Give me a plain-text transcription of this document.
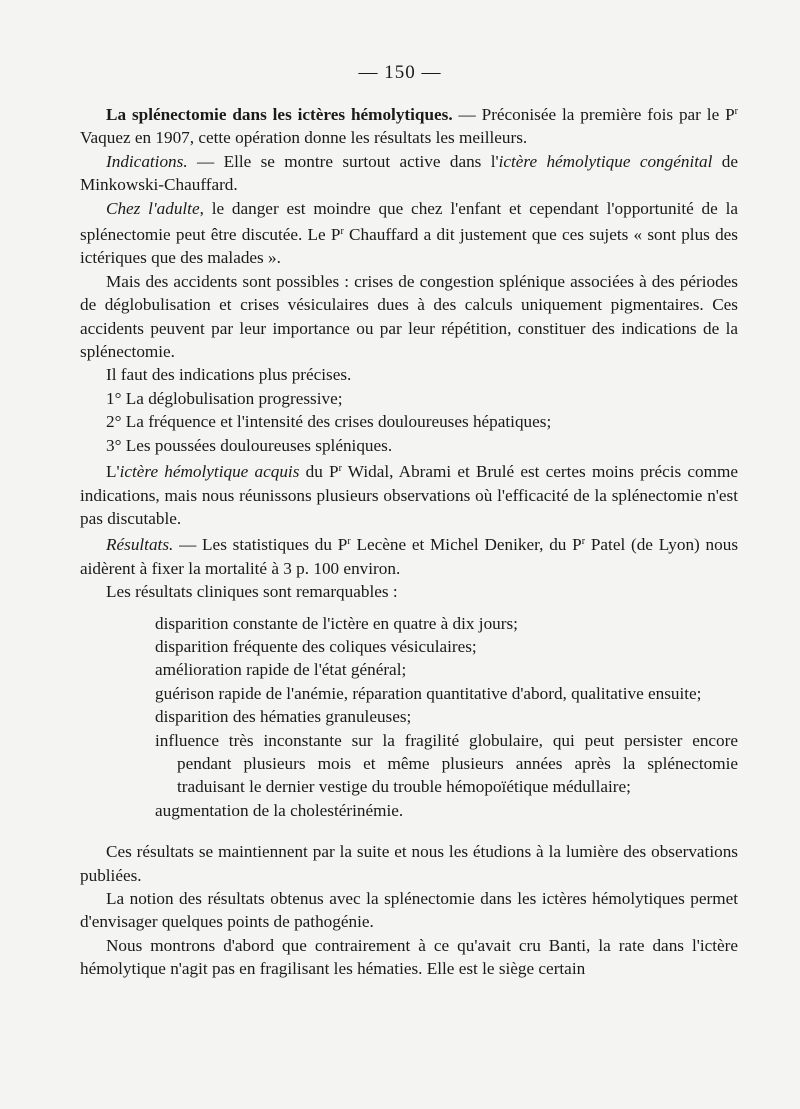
— 150 —

La splénectomie dans les ictères hémolytiques. — Préconisée la première fois par le $P^r$ Vaquez en 1907, cette opération donne les résultats les meilleurs.

Indications. — Elle se montre surtout active dans l'ictère hémolytique congénital de Minkowski-Chauffard.

Chez l'adulte, le danger est moindre que chez l'enfant et cependant l'opportunité de la splénectomie peut être discutée. Le $P^r$ Chauffard a dit justement que ces sujets « sont plus des ictériques que des malades ».

Mais des accidents sont possibles : crises de congestion splénique associées à des périodes de déglobulisation et crises vésiculaires dues à des calculs uniquement pigmentaires. Ces accidents peuvent par leur importance ou par leur répétition, constituer des indications de la splénectomie.

Il faut des indications plus précises.

1° La déglobulisation progressive;

2° La fréquence et l'intensité des crises douloureuses hépatiques;

3° Les poussées douloureuses spléniques.

L'ictère hémolytique acquis du $P^r$ Widal, Abrami et Brulé est certes moins précis comme indications, mais nous réunissons plusieurs observations où l'efficacité de la splénectomie n'est pas discutable.

Résultats. — Les statistiques du $P^r$ Lecène et Michel Deniker, du $P^r$ Patel (de Lyon) nous aidèrent à fixer la mortalité à 3 p. 100 environ.

Les résultats cliniques sont remarquables :

disparition constante de l'ictère en quatre à dix jours;
disparition fréquente des coliques vésiculaires;
amélioration rapide de l'état général;
guérison rapide de l'anémie, réparation quantitative d'abord, qualitative ensuite;
disparition des hématies granuleuses;
influence très inconstante sur la fragilité globulaire, qui peut persister encore pendant plusieurs mois et même plusieurs années après la splénectomie traduisant le dernier vestige du trouble hémopoïétique médullaire;
augmentation de la cholestérinémie.

Ces résultats se maintiennent par la suite et nous les étudions à la lumière des observations publiées.

La notion des résultats obtenus avec la splénectomie dans les ictères hémolytiques permet d'envisager quelques points de pathogénie.

Nous montrons d'abord que contrairement à ce qu'avait cru Banti, la rate dans l'ictère hémolytique n'agit pas en fragilisant les hématies. Elle est le siège certain
